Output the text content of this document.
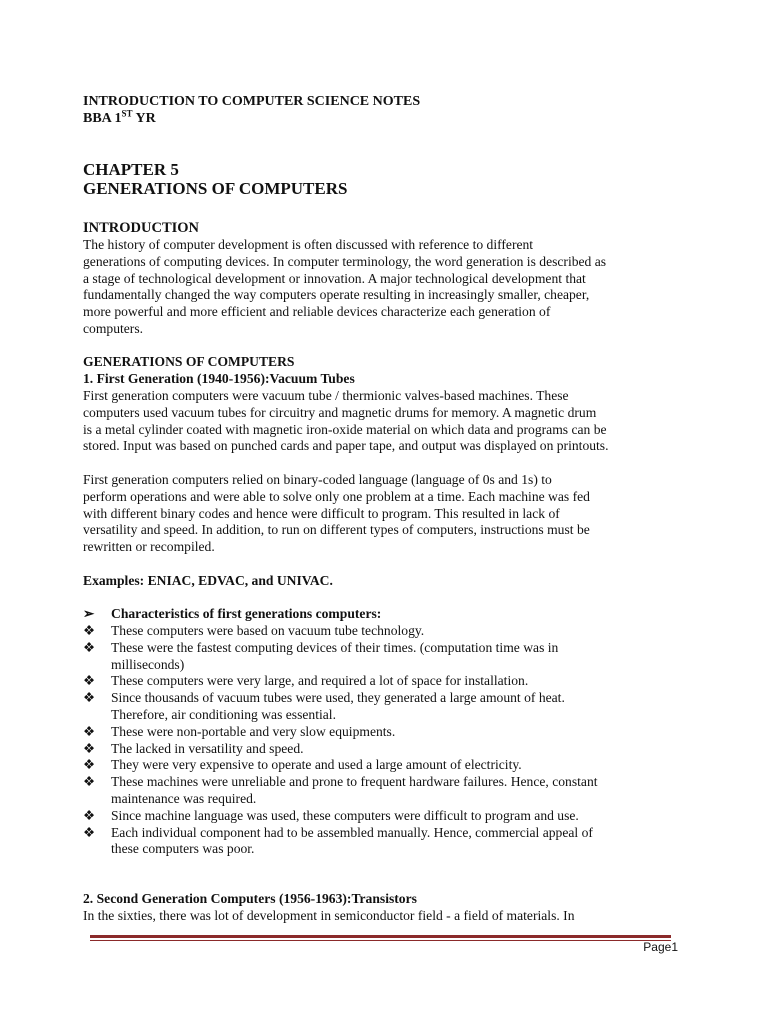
INTRODUCTION TO COMPUTER SCIENCE NOTES
BBA 1ST YR
CHAPTER 5
GENERATIONS OF COMPUTERS
INTRODUCTION
The history of computer development is often discussed with reference to different
generations of computing devices. In computer terminology, the word generation is described as
a stage of technological development or innovation. A major technological development that
fundamentally changed the way computers operate resulting in increasingly smaller, cheaper,
more powerful and more efficient and reliable devices characterize each generation of
computers.
GENERATIONS OF COMPUTERS
1. First Generation (1940-1956):Vacuum Tubes
First generation computers were vacuum tube / thermionic valves-based machines. These
computers used vacuum tubes for circuitry and magnetic drums for memory. A magnetic drum
is a metal cylinder coated with magnetic iron-oxide material on which data and programs can be
stored. Input was based on punched cards and paper tape, and output was displayed on printouts.
First generation computers relied on binary-coded language (language of 0s and 1s) to
perform operations and were able to solve only one problem at a time. Each machine was fed
with different binary codes and hence were difficult to program. This resulted in lack of
versatility and speed. In addition, to run on different types of computers, instructions must be
rewritten or recompiled.
Examples: ENIAC, EDVAC, and UNIVAC.
➢	Characteristics of first generations computers:
❖	These computers were based on vacuum tube technology.
❖	These were the fastest computing devices of their times. (computation time was in
milliseconds)
❖	These computers were very large, and required a lot of space for installation.
❖	Since thousands of vacuum tubes were used, they generated a large amount of heat.
Therefore, air conditioning was essential.
❖	These were non-portable and very slow equipments.
❖	The lacked in versatility and speed.
❖	They were very expensive to operate and used a large amount of electricity.
❖	These machines were unreliable and prone to frequent hardware failures. Hence, constant
maintenance was required.
❖	Since machine language was used, these computers were difficult to program and use.
❖	Each individual component had to be assembled manually. Hence, commercial appeal of
these computers was poor.
2. Second Generation Computers (1956-1963):Transistors
In the sixties, there was lot of development in semiconductor field - a field of materials. In
Page1
